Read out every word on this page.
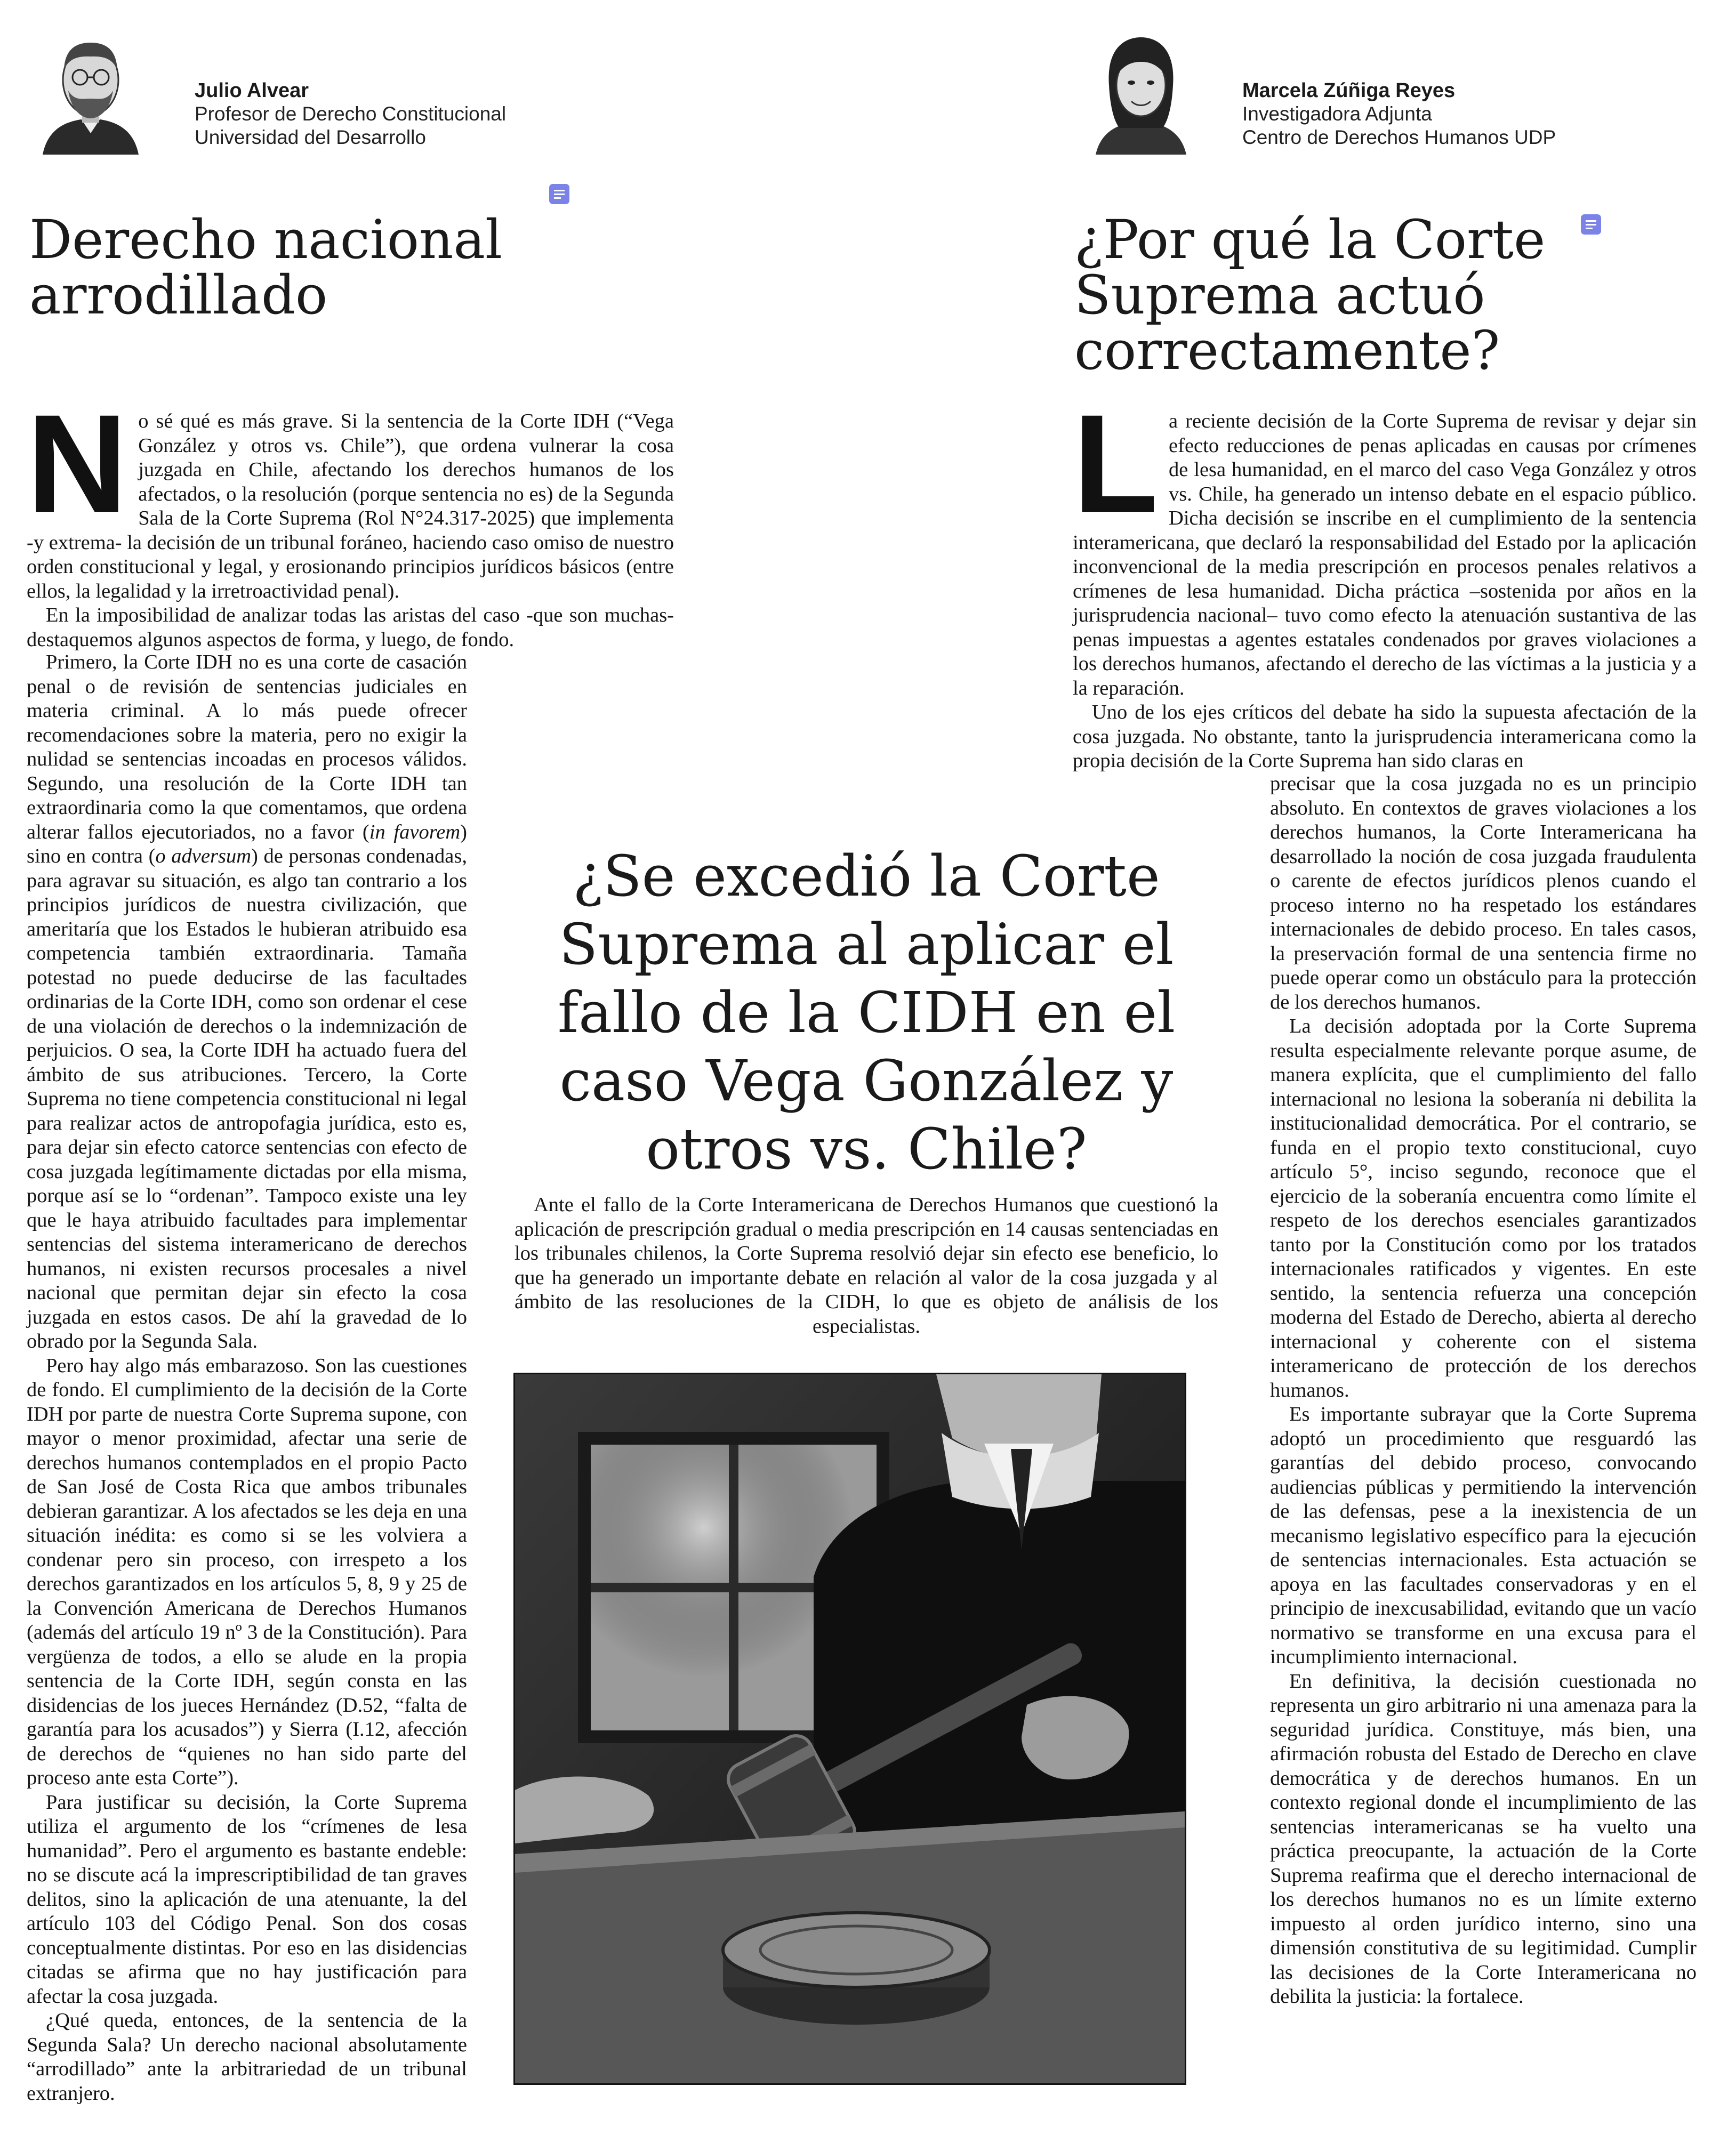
Julio Alvear
Profesor de Derecho Constitucional
Universidad del Desarrollo
Marcela Zúñiga Reyes
Investigadora Adjunta
Centro de Derechos Humanos UDP
Derecho nacional
arrodillado
¿Por qué la Corte
Suprema actuó
correctamente?
N o sé qué es más grave. Si la sentencia de la Corte IDH (“Vega González y otros vs. Chile”), que ordena vulnerar la cosa juzgada en Chile, afectando los derechos humanos de los afectados, o la resolución (porque sentencia no es) de la Segunda Sala de la Corte Suprema (Rol N°24.317-2025) que implementa -y extrema- la decisión de un tribunal foráneo, haciendo caso omiso de nuestro orden constitucional y legal, y erosionando principios jurídicos básicos (entre ellos, la legalidad y la irretroactividad penal).

En la imposibilidad de analizar todas las aristas del caso -que son muchas- destaquemos algunos aspectos de forma, y luego, de fondo.

Primero, la Corte IDH no es una corte de casación penal o de revisión de sentencias judiciales en materia criminal. A lo más puede ofrecer recomendaciones sobre la materia, pero no exigir la nulidad se sentencias incoadas en procesos válidos. Segundo, una resolución de la Corte IDH tan extraordinaria como la que comentamos, que ordena alterar fallos ejecutoriados, no a favor (in favorem) sino en contra (o adversum) de personas condenadas, para agravar su situación, es algo tan contrario a los principios jurídicos de nuestra civilización, que ameritaría que los Estados le hubieran atribuido esa competencia también extraordinaria. Tamaña potestad no puede deducirse de las facultades ordinarias de la Corte IDH, como son ordenar el cese de una violación de derechos o la indemnización de perjuicios. O sea, la Corte IDH ha actuado fuera del ámbito de sus atribuciones. Tercero, la Corte Suprema no tiene competencia constitucional ni legal para realizar actos de antropofagia jurídica, esto es, para dejar sin efecto catorce sentencias con efecto de cosa juzgada legítimamente dictadas por ella misma, porque así se lo “ordenan”. Tampoco existe una ley que le haya atribuido facultades para implementar sentencias del sistema interamericano de derechos humanos, ni existen recursos procesales a nivel nacional que permitan dejar sin efecto la cosa juzgada en estos casos. De ahí la gravedad de lo obrado por la Segunda Sala.

Pero hay algo más embarazoso. Son las cuestiones de fondo. El cumplimiento de la decisión de la Corte IDH por parte de nuestra Corte Suprema supone, con mayor o menor proximidad, afectar una serie de derechos humanos contemplados en el propio Pacto de San José de Costa Rica que ambos tribunales debieran garantizar. A los afectados se les deja en una situación inédita: es como si se les volviera a condenar pero sin proceso, con irrespeto a los derechos garantizados en los artículos 5, 8, 9 y 25 de la Convención Americana de Derechos Humanos (además del artículo 19 nº 3 de la Constitución). Para vergüenza de todos, a ello se alude en la propia sentencia de la Corte IDH, según consta en las disidencias de los jueces Hernández (D.52, “falta de garantía para los acusados”) y Sierra (I.12, afección de derechos de “quienes no han sido parte del proceso ante esta Corte”).

Para justificar su decisión, la Corte Suprema utiliza el argumento de los “crímenes de lesa humanidad”. Pero el argumento es bastante endeble: no se discute acá la imprescriptibilidad de tan graves delitos, sino la aplicación de una atenuante, la del artículo 103 del Código Penal. Son dos cosas conceptualmente distintas. Por eso en las disidencias citadas se afirma que no hay justificación para afectar la cosa juzgada.

¿Qué queda, entonces, de la sentencia de la Segunda Sala? Un derecho nacional absolutamente “arrodillado” ante la arbitrariedad de un tribunal extranjero.

L a reciente decisión de la Corte Suprema de revisar y dejar sin efecto reducciones de penas aplicadas en causas por crímenes de lesa humanidad, en el marco del caso Vega González y otros vs. Chile, ha generado un intenso debate en el espacio público. Dicha decisión se inscribe en el cumplimiento de la sentencia interamericana, que declaró la responsabilidad del Estado por la aplicación inconvencional de la media prescripción en procesos penales relativos a crímenes de lesa humanidad. Dicha práctica –sostenida por años en la jurisprudencia nacional– tuvo como efecto la atenuación sustantiva de las penas impuestas a agentes estatales condenados por graves violaciones a los derechos humanos, afectando el derecho de las víctimas a la justicia y a la reparación.

Uno de los ejes críticos del debate ha sido la supuesta afectación de la cosa juzgada. No obstante, tanto la jurisprudencia interamericana como la propia decisión de la Corte Suprema han sido claras en

precisar que la cosa juzgada no es un principio absoluto. En contextos de graves violaciones a los derechos humanos, la Corte Interamericana ha desarrollado la noción de cosa juzgada fraudulenta o carente de efectos jurídicos plenos cuando el proceso interno no ha respetado los estándares internacionales de debido proceso. En tales casos, la preservación formal de una sentencia firme no puede operar como un obstáculo para la protección de los derechos humanos.

La decisión adoptada por la Corte Suprema resulta especialmente relevante porque asume, de manera explícita, que el cumplimiento del fallo internacional no lesiona la soberanía ni debilita la institucionalidad democrática. Por el contrario, se funda en el propio texto constitucional, cuyo artículo 5°, inciso segundo, reconoce que el ejercicio de la soberanía encuentra como límite el respeto de los derechos esenciales garantizados tanto por la Constitución como por los tratados internacionales ratificados y vigentes. En este sentido, la sentencia refuerza una concepción moderna del Estado de Derecho, abierta al derecho internacional y coherente con el sistema interamericano de protección de los derechos humanos.

Es importante subrayar que la Corte Suprema adoptó un procedimiento que resguardó las garantías del debido proceso, convocando audiencias públicas y permitiendo la intervención de las defensas, pese a la inexistencia de un mecanismo legislativo específico para la ejecución de sentencias internacionales. Esta actuación se apoya en las facultades conservadoras y en el principio de inexcusabilidad, evitando que un vacío normativo se transforme en una excusa para el incumplimiento internacional.

En definitiva, la decisión cuestionada no representa un giro arbitrario ni una amenaza para la seguridad jurídica. Constituye, más bien, una afirmación robusta del Estado de Derecho en clave democrática y de derechos humanos. En un contexto regional donde el incumplimiento de las sentencias interamericanas se ha vuelto una práctica preocupante, la actuación de la Corte Suprema reafirma que el derecho internacional de los derechos humanos no es un límite externo impuesto al orden jurídico interno, sino una dimensión constitutiva de su legitimidad. Cumplir las decisiones de la Corte Interamericana no debilita la justicia: la fortalece.

¿Se excedió la Corte Suprema al aplicar el fallo de la CIDH en el caso Vega González y otros vs. Chile?

Ante el fallo de la Corte Interamericana de Derechos Humanos que cuestionó la aplicación de prescripción gradual o media prescripción en 14 causas sentenciadas en los tribunales chilenos, la Corte Suprema resolvió dejar sin efecto ese beneficio, lo que ha generado un importante debate en relación al valor de la cosa juzgada y al ámbito de las resoluciones de la CIDH, lo que es objeto de análisis de los especialistas.
